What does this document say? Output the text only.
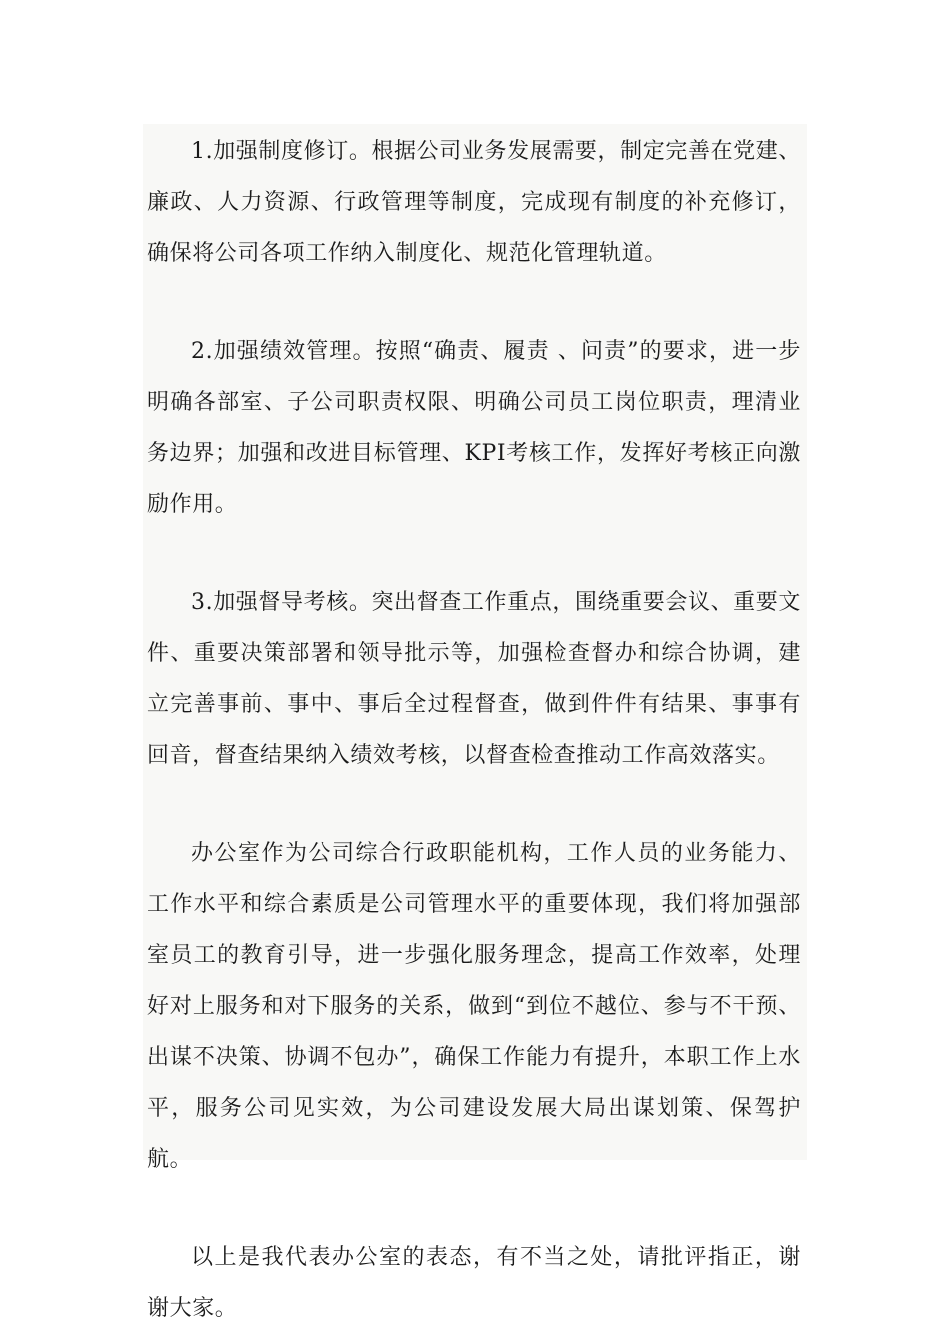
1.加强制度修订。根据公司业务发展需要，制定完善在党建、廉政、人力资源、行政管理等制度，完成现有制度的补充修订，确保将公司各项工作纳入制度化、规范化管理轨道。

2.加强绩效管理。按照“确责、履责 、问责”的要求，进一步明确各部室、子公司职责权限、明确公司员工岗位职责，理清业务边界；加强和改进目标管理、KPI考核工作，发挥好考核正向激励作用。

3.加强督导考核。突出督查工作重点，围绕重要会议、重要文件、重要决策部署和领导批示等，加强检查督办和综合协调，建立完善事前、事中、事后全过程督查，做到件件有结果、事事有回音，督查结果纳入绩效考核，以督查检查推动工作高效落实。

办公室作为公司综合行政职能机构，工作人员的业务能力、工作水平和综合素质是公司管理水平的重要体现，我们将加强部室员工的教育引导，进一步强化服务理念，提高工作效率，处理好对上服务和对下服务的关系，做到“到位不越位、参与不干预、出谋不决策、协调不包办”，确保工作能力有提升，本职工作上水平，服务公司见实效，为公司建设发展大局出谋划策、保驾护航。

以上是我代表办公室的表态，有不当之处，请批评指正，谢谢大家。
